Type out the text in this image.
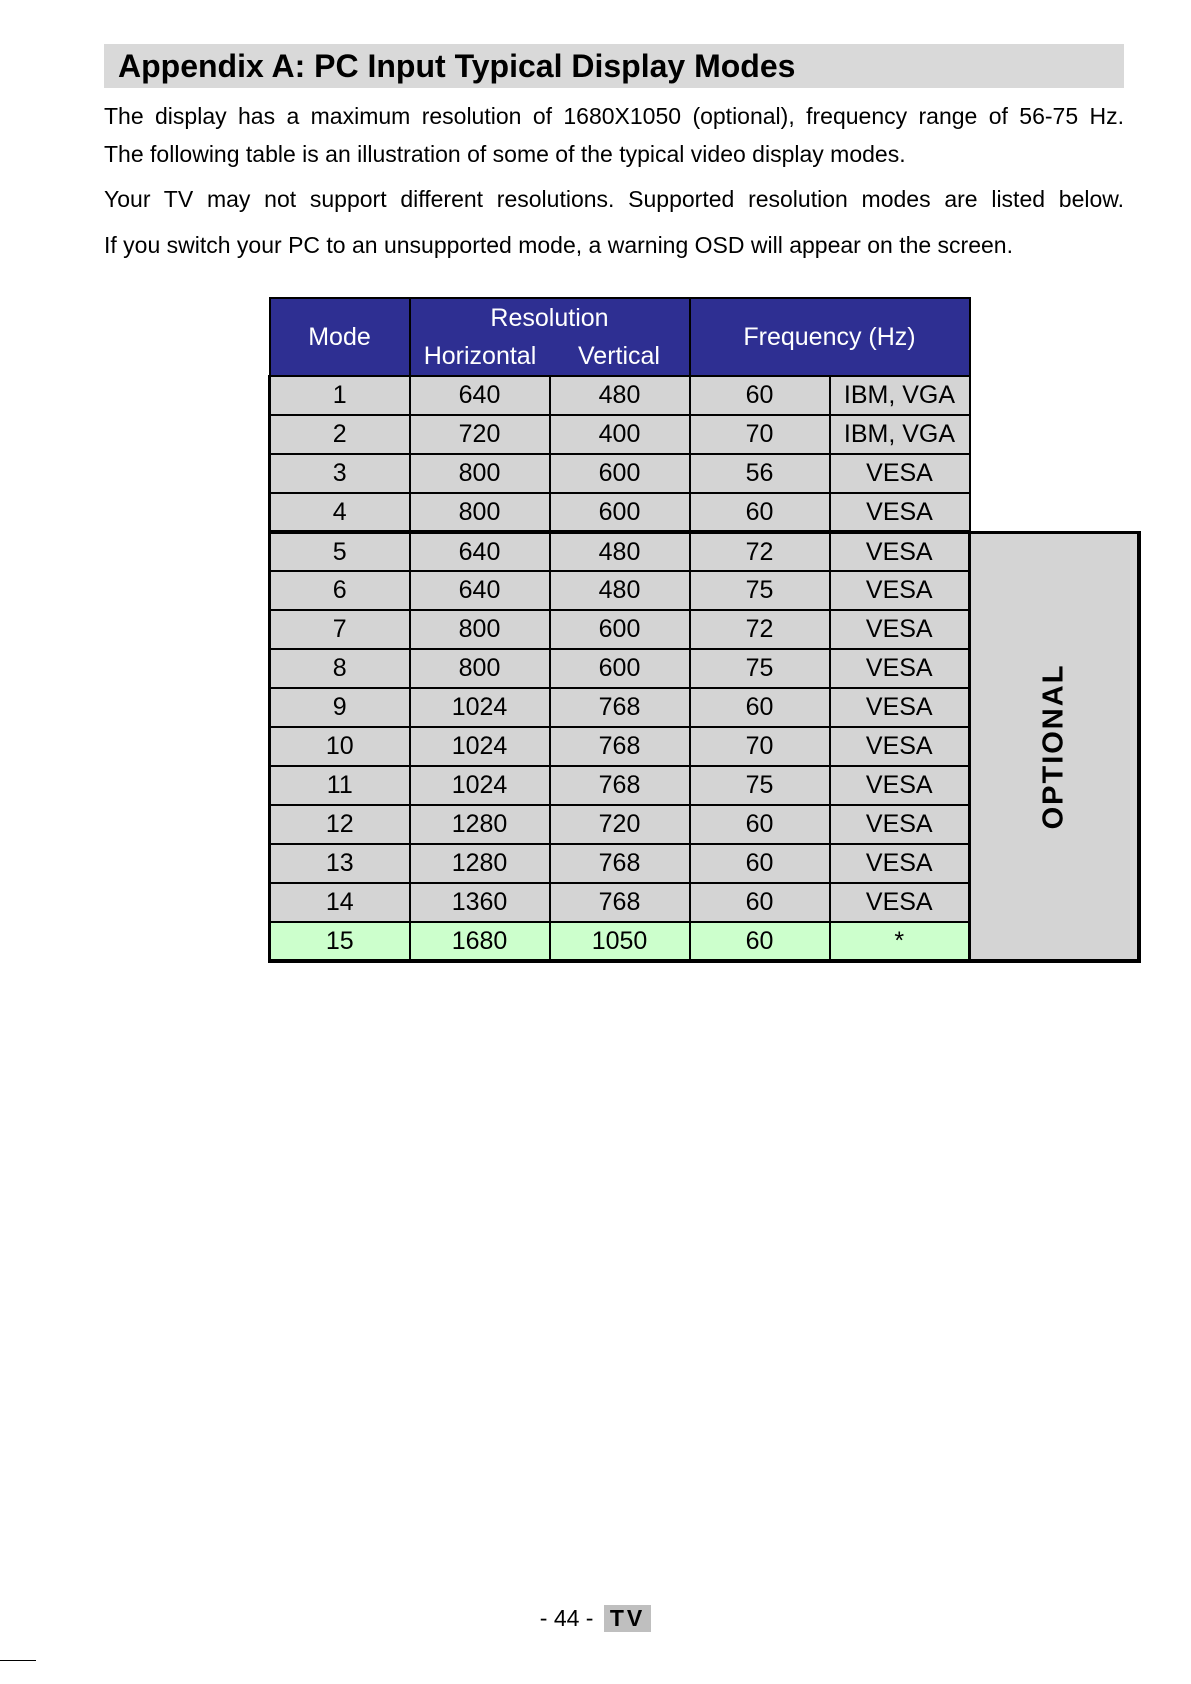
Appendix A: PC Input Typical Display Modes
The display has a maximum resolution of 1680X1050 (optional), frequency range of 56-75 Hz.
The following table is an illustration of some of the typical video display modes.
Your TV may not support different resolutions. Supported resolution modes are listed below.
If you switch your PC to an unsupported mode, a warning OSD will appear on the screen.
Mode	Resolution		Frequency (Hz)		
	Horizontal	Vertical			
1	640	480	60	IBM, VGA	
2	720	400	70	IBM, VGA	
3	800	600	56	VESA	
4	800	600	60	VESA	
5	640	480	72	VESA	OPTIONAL
6	640	480	75	VESA	
7	800	600	72	VESA	
8	800	600	75	VESA	
9	1024	768	60	VESA	
10	1024	768	70	VESA	
11	1024	768	75	VESA	
12	1280	720	60	VESA	
13	1280	768	60	VESA	
14	1360	768	60	VESA	
15	1680	1050	60	*	
- 44 - TV
